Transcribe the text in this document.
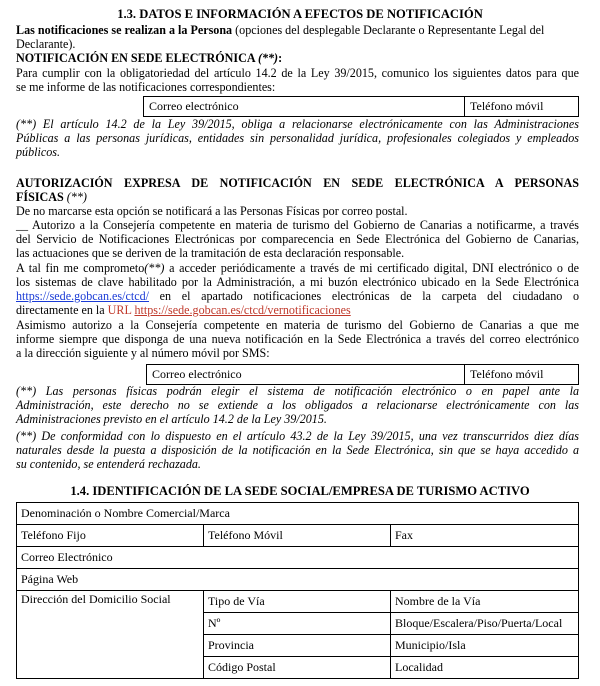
1.3. DATOS E INFORMACIÓN A EFECTOS DE NOTIFICACIÓN
Las notificaciones se realizan a la Persona (opciones del desplegable Declarante o Representante Legal del
Declarante).
NOTIFICACIÓN EN SEDE ELECTRÓNICA (**):
Para cumplir con la obligatoriedad del artículo 14.2 de la Ley 39/2015, comunico los siguientes datos para que
se me informe de las notificaciones correspondientes:
Correo electrónico	Teléfono móvil
(**) El artículo 14.2 de la Ley 39/2015, obliga a relacionarse electrónicamente con las Administraciones
Públicas a las personas jurídicas, entidades sin personalidad jurídica, profesionales colegiados y empleados
públicos.
AUTORIZACIÓN EXPRESA DE NOTIFICACIÓN EN SEDE ELECTRÓNICA A PERSONAS
FÍSICAS (**)
De no marcarse esta opción se notificará a las Personas Físicas por correo postal.
__ Autorizo a la Consejería competente en materia de turismo del Gobierno de Canarias a notificarme, a través
del Servicio de Notificaciones Electrónicas por comparecencia en Sede Electrónica del Gobierno de Canarias,
las actuaciones que se deriven de la tramitación de esta declaración responsable.
A tal fin me comprometo(**) a acceder periódicamente a través de mi certificado digital, DNI electrónico o de
los sistemas de clave habilitado por la Administración, a mi buzón electrónico ubicado en la Sede Electrónica
https://sede.gobcan.es/ctcd/ en el apartado notificaciones electrónicas de la carpeta del ciudadano o
directamente en la URL https://sede.gobcan.es/ctcd/vernotificaciones
Asimismo autorizo a la Consejería competente en materia de turismo del Gobierno de Canarias a que me
informe siempre que disponga de una nueva notificación en la Sede Electrónica a través del correo electrónico
a la dirección siguiente y al número móvil por SMS:
Correo electrónico	Teléfono móvil
(**) Las personas físicas podrán elegir el sistema de notificación electrónico o en papel ante la
Administración, este derecho no se extiende a los obligados a relacionarse electrónicamente con las
Administraciones previsto en el artículo 14.2 de la Ley 39/2015.
(**) De conformidad con lo dispuesto en el artículo 43.2 de la Ley 39/2015, una vez transcurridos diez días
naturales desde la puesta a disposición de la notificación en la Sede Electrónica, sin que se haya accedido a
su contenido, se entenderá rechazada.
1.4. IDENTIFICACIÓN DE LA SEDE SOCIAL/EMPRESA DE TURISMO ACTIVO
Denominación o Nombre Comercial/Marca		
Teléfono Fijo	Teléfono Móvil	Fax
Correo Electrónico		
Página Web		
Dirección del Domicilio Social	Tipo de Vía	Nombre de la Vía
	Nº	Bloque/Escalera/Piso/Puerta/Local
	Provincia	Municipio/Isla
	Código Postal	Localidad
